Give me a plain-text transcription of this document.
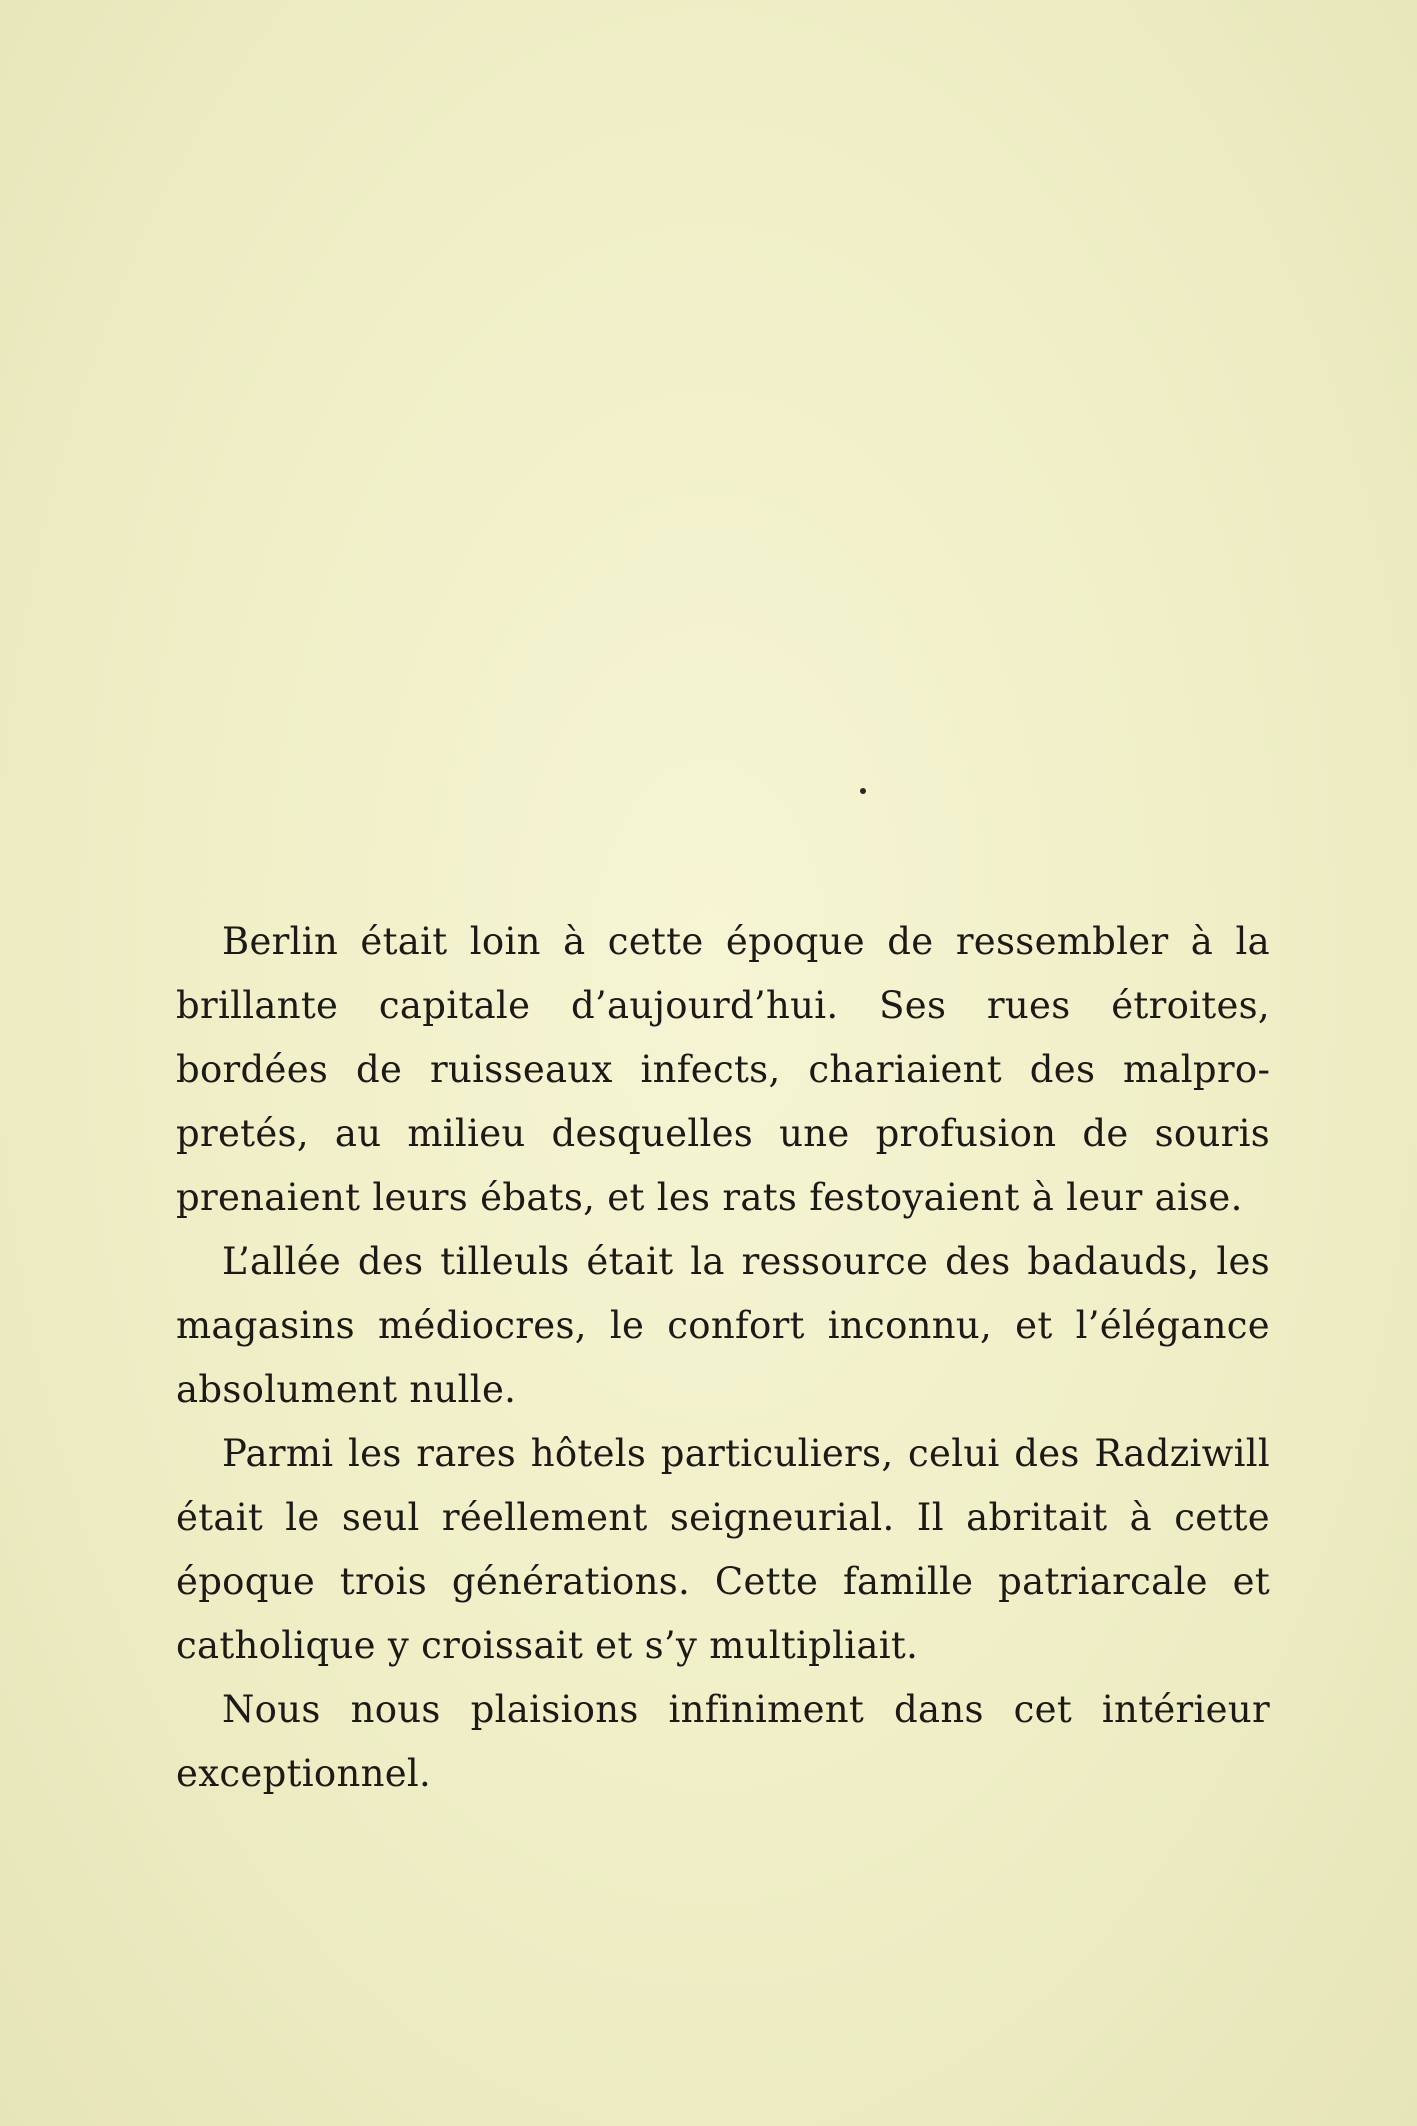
Berlin était loin à cette époque de ressembler à la brillante capitale d’aujourd’hui. Ses rues étroites, bordées de ruisseaux infects, chariaient des malpropretés, au milieu desquelles une profusion de souris prenaient leurs ébats, et les rats festoyaient à leur aise.

L’allée des tilleuls était la ressource des badauds, les magasins médiocres, le confort inconnu, et l’élégance absolument nulle.

Parmi les rares hôtels particuliers, celui des Radziwill était le seul réellement seigneurial. Il abritait à cette époque trois générations. Cette famille patriarcale et catholique y croissait et s’y multipliait.

Nous nous plaisions infiniment dans cet intérieur exceptionnel.
